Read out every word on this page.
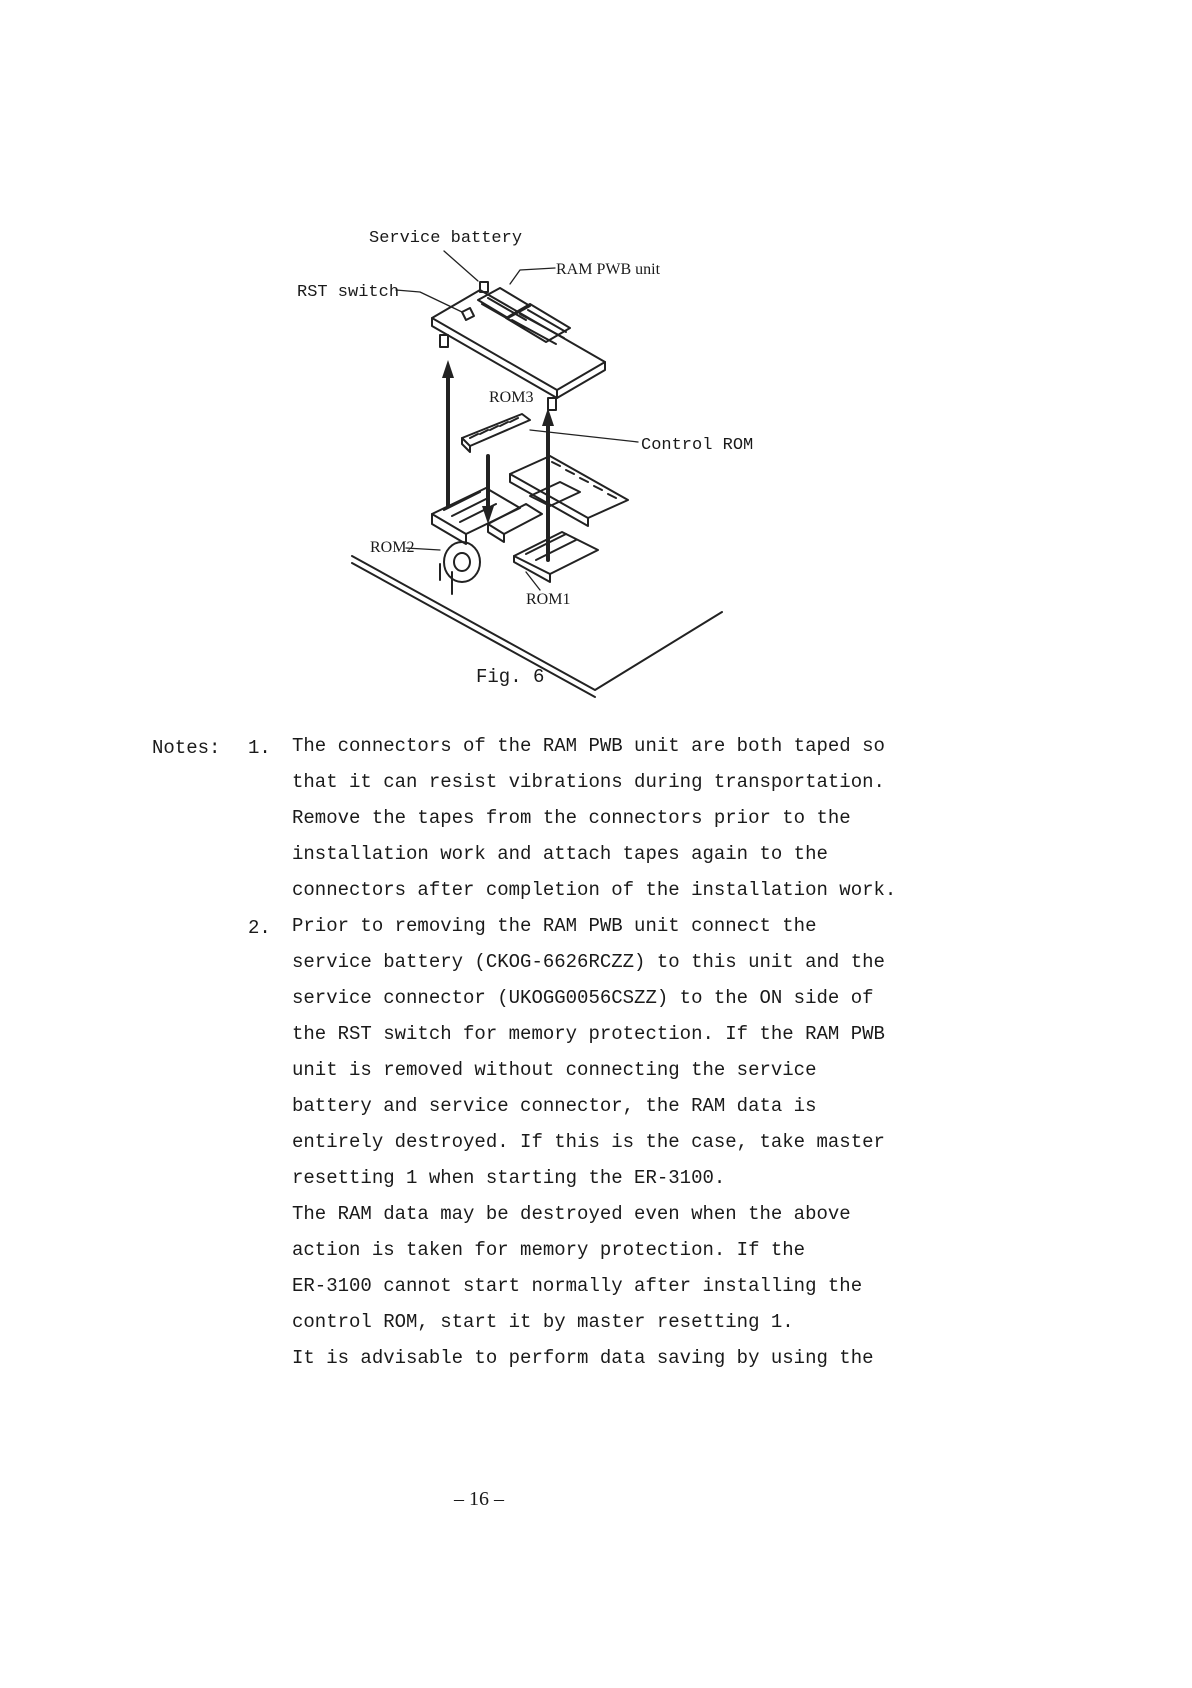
Service battery
RAM PWB unit
RST switch
ROM3
Control ROM
ROM2
ROM1
Fig. 6
Notes: 1. The connectors of the RAM PWB unit are both taped so
that it can resist vibrations during transportation.
Remove the tapes from the connectors prior to the
installation work and attach tapes again to the
connectors after completion of the installation work.
2. Prior to removing the RAM PWB unit connect the
service battery (CKOG-6626RCZZ) to this unit and the
service connector (UKOGG0056CSZZ) to the ON side of
the RST switch for memory protection. If the RAM PWB
unit is removed without connecting the service
battery and service connector, the RAM data is
entirely destroyed. If this is the case, take master
resetting 1 when starting the ER-3100.
The RAM data may be destroyed even when the above
action is taken for memory protection. If the
ER-3100 cannot start normally after installing the
control ROM, start it by master resetting 1.
It is advisable to perform data saving by using the
– 16 –
